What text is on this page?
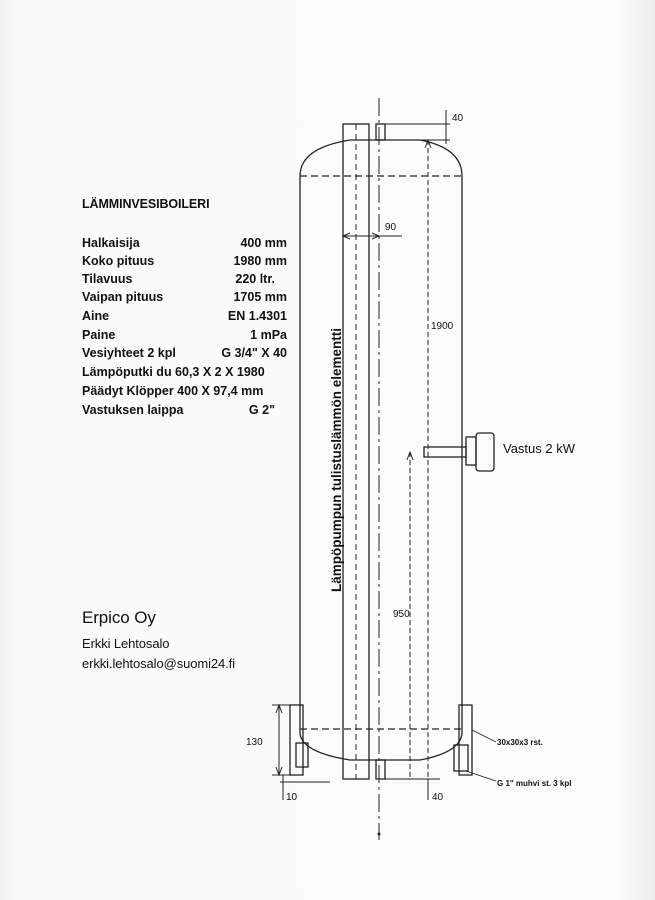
LÄMMINVESIBOILERI
Halkaisija	400 mm
Koko pituus	1980 mm
Tilavuus	220 ltr.
Vaipan pituus	1705 mm
Aine	EN 1.4301
Paine	1 mPa
Vesiyhteet 2 kpl	G 3/4" X 40
Lämpöputki du 60,3 X 2 X 1980
Päädyt Klöpper 400 X 97,4 mm
Vastuksen laippa	G 2"
Erpico Oy
Erkki Lehtosalo
erkki.lehtosalo@suomi24.fi
40
90
1900
950
130
10	40
Vastus 2 kW
30x30x3 rst.
G 1" muhvi st. 3 kpl
Lämpöpumpun tulistuslämmön elementti
